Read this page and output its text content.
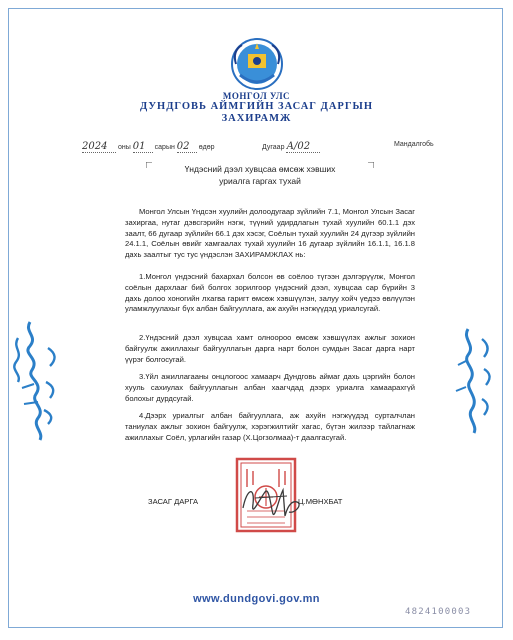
МОНГОЛ УЛС
ДУНДГОВЬ АЙМГИЙН ЗАСАГ ДАРГЫН
ЗАХИРАМЖ
2024 оны 01 сарын 02 өдөр	Дугаар А/02	Мандалгобь
Үндэсний дээл хувцсаа өмсөж хэвших
уриалга гаргах тухай

Монгол Улсын Үндсэн хуулийн долоодугаар зүйлийн 7.1, Монгол Улсын Засаг захиргаа, нутаг дэвсгэрийн нэгж, түүний удирдлагын тухай хуулийн 60.1.1 дэх заалт, 66 дугаар зүйлийн 66.1 дэх хэсэг, Соёлын тухай хуулийн 24 дүгээр зүйлийн 24.1.1, Соёлын өвийг хамгаалах тухай хуулийн 16 дугаар зүйлийн 16.1.1, 16.1.8 дахь заалтыг тус тус үндэслэн ЗАХИРАМЖЛАХ нь:

1.Монгол үндэсний бахархал болсон өв соёлоо түгээн дэлгэрүүлж, Монгол соёлын дархлааг бий болгох зорилгоор үндэсний дээл, хувцсаа сар бүрийн 3 дахь долоо хоногийн лхагва гаригт өмсөж хэвшүүлэн, залуу хойч үедээ өвлүүлэн уламжлуулахыг бүх албан байгууллага, аж ахуйн нэгжүүдэд уриалсугай.

2.Үндэсний дээл хувцсаа хамт олноороо өмсөж хэвшүүлэх ажлыг зохион байгуулж ажиллахыг байгууллагын дарга нарт болон сумдын Засаг дарга нарт үүрэг болгосугай.

3.Үйл ажиллагааны онцлогоос хамаарч Дундговь аймаг дахь цэргийн болон хууль сахиулах байгууллагын албан хаагчдад дээрх уриалга хамаарахгүй болохыг дурдсугай.

4.Дээрх уриалгыг албан байгууллага, аж ахуйн нэгжүүдэд сурталчлан таниулах ажлыг зохион байгуулж, хэрэгжилтийг хагас, бүтэн жилээр тайлагнаж ажиллахыг Соёл, урлагийн газар (Х.Цогзолмаа)-т даалгасугай.

ЗАСАГ ДАРГА	Ц.МӨНХБАТ
www.dundgovi.gov.mn
4824100003
